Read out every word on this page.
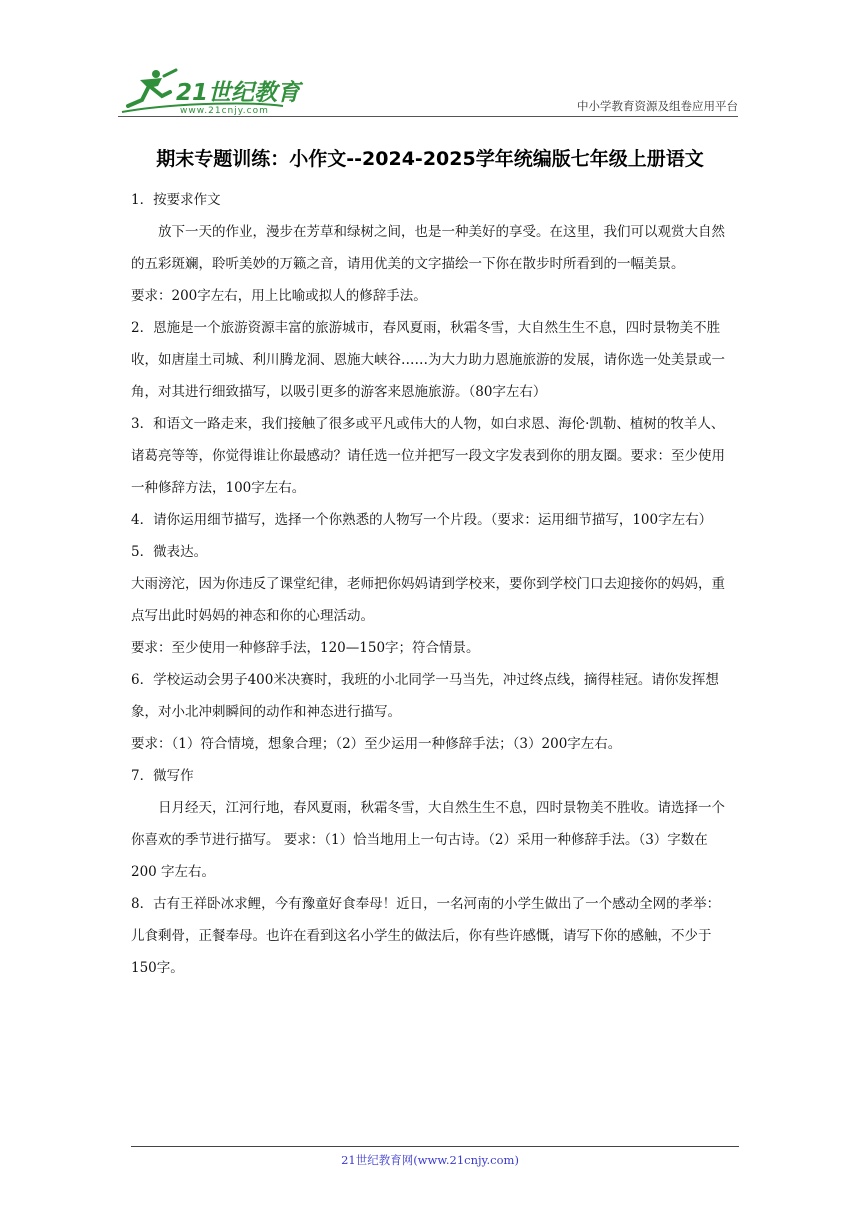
21世纪教育
www.21cnjy.com	中小学教育资源及组卷应用平台
期末专题训练：小作文--2024-2025学年统编版七年级上册语文

1．按要求作文

放下一天的作业，漫步在芳草和绿树之间，也是一种美好的享受。在这里，我们可以观赏大自然的五彩斑斓，聆听美妙的万籁之音，请用优美的文字描绘一下你在散步时所看到的一幅美景。

要求：200字左右，用上比喻或拟人的修辞手法。

2．恩施是一个旅游资源丰富的旅游城市，春风夏雨，秋霜冬雪，大自然生生不息，四时景物美不胜收，如唐崖土司城、利川腾龙洞、恩施大峡谷……为大力助力恩施旅游的发展，请你选一处美景或一角，对其进行细致描写，以吸引更多的游客来恩施旅游。（80字左右）

3．和语文一路走来，我们接触了很多或平凡或伟大的人物，如白求恩、海伦·凯勒、植树的牧羊人、诸葛亮等等，你觉得谁让你最感动？请任选一位并把写一段文字发表到你的朋友圈。要求：至少使用一种修辞方法，100字左右。

4．请你运用细节描写，选择一个你熟悉的人物写一个片段。（要求：运用细节描写，100字左右）

5．微表达。

大雨滂沱，因为你违反了课堂纪律，老师把你妈妈请到学校来，要你到学校门口去迎接你的妈妈，重点写出此时妈妈的神态和你的心理活动。

要求：至少使用一种修辞手法，120—150字；符合情景。

6．学校运动会男子400米决赛时，我班的小北同学一马当先，冲过终点线，摘得桂冠。请你发挥想象，对小北冲刺瞬间的动作和神态进行描写。

要求：（1）符合情境，想象合理；（2）至少运用一种修辞手法；（3）200字左右。

7．微写作

日月经天，江河行地，春风夏雨，秋霜冬雪，大自然生生不息，四时景物美不胜收。请选择一个你喜欢的季节进行描写。 要求：（1）恰当地用上一句古诗。（2）采用一种修辞手法。（3）字数在 200 字左右。

8．古有王祥卧冰求鲤，今有豫童好食奉母！近日，一名河南的小学生做出了一个感动全网的孝举：儿食剩骨，正餐奉母。也许在看到这名小学生的做法后，你有些许感慨，请写下你的感触，不少于150字。

21世纪教育网(www.21cnjy.com)
